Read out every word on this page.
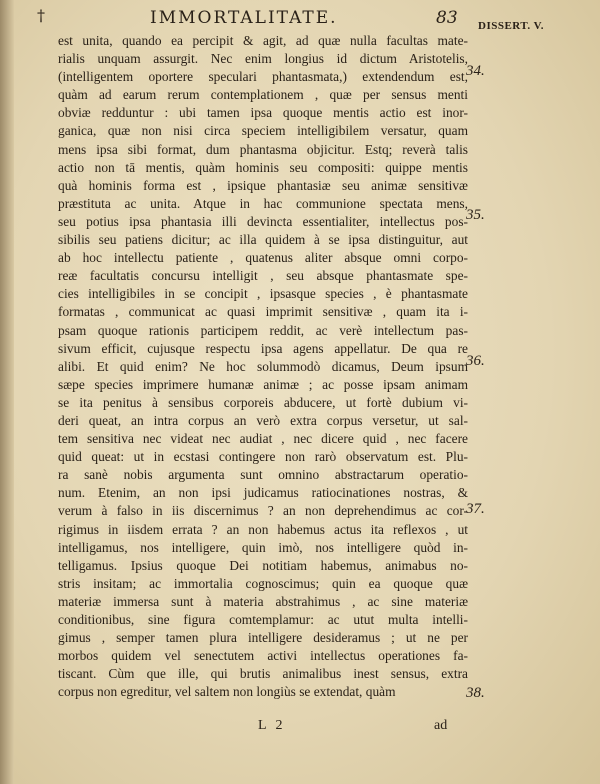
†	IMMORTALITATE.	83 DISSERT. V.
est unita, quando ea percipit & agit, ad quæ nulla facultas mate-
rialis unquam assurgit. Nec enim longius id dictum Aristotelis,
(intelligentem oportere speculari phantasmata,) extendendum est,
quàm ad earum rerum contemplationem , quæ per sensus menti
obviæ redduntur : ubi tamen ipsa quoque mentis actio est inor-
ganica, quæ non nisi circa speciem intelligibilem versatur, quam
mens ipsa sibi format, dum phantasma objicitur. Estq; reverà talis
actio non tā mentis, quàm hominis seu compositi: quippe mentis
quà hominis forma est , ipsique phantasiæ seu animæ sensitivæ
præstituta ac unita. Atque in hac communione spectata mens,
seu potius ipsa phantasia illi devincta essentialiter, intellectus pos-
sibilis seu patiens dicitur; ac illa quidem à se ipsa distinguitur, aut
ab hoc intellectu patiente , quatenus aliter absque omni corpo-
reæ facultatis concursu intelligit , seu absque phantasmate spe-
cies intelligibiles in se concipit , ipsasque species , è phantasmate
formatas , communicat ac quasi imprimit sensitivæ , quam ita i-
psam quoque rationis participem reddit, ac verè intellectum pas-
sivum efficit, cujusque respectu ipsa agens appellatur. De qua re
alibi. Et quid enim? Ne hoc solummodò dicamus, Deum ipsum
sæpe species imprimere humanæ animæ ; ac posse ipsam animam
se ita penitus à sensibus corporeis abducere, ut fortè dubium vi-
deri queat, an intra corpus an verò extra corpus versetur, ut sal-
tem sensitiva nec videat nec audiat , nec dicere quid , nec facere
quid queat: ut in ecstasi contingere non rarò observatum est. Plu-
ra sanè nobis argumenta sunt omnino abstractarum operatio-
num. Etenim, an non ipsi judicamus ratiocinationes nostras, &
verum à falso in iis discernimus ? an non deprehendimus ac cor-
rigimus in iisdem errata ? an non habemus actus ita reflexos , ut
intelligamus, nos intelligere, quin imò, nos intelligere quòd in-
telligamus. Ipsius quoque Dei notitiam habemus, animabus no-
stris insitam; ac immortalia cognoscimus; quin ea quoque quæ
materiæ immersa sunt à materia abstrahimus , ac sine materiæ
conditionibus, sine figura comtemplamur: ac utut multa intelli-
gimus , semper tamen plura intelligere desideramus ; ut ne per
morbos quidem vel senectutem activi intellectus operationes fa-
tiscant. Cùm que ille, qui brutis animalibus inest sensus, extra
corpus non egreditur, vel saltem non longiùs se extendat, quàm
34.
35.
36.
37.
38.
L 2	ad
